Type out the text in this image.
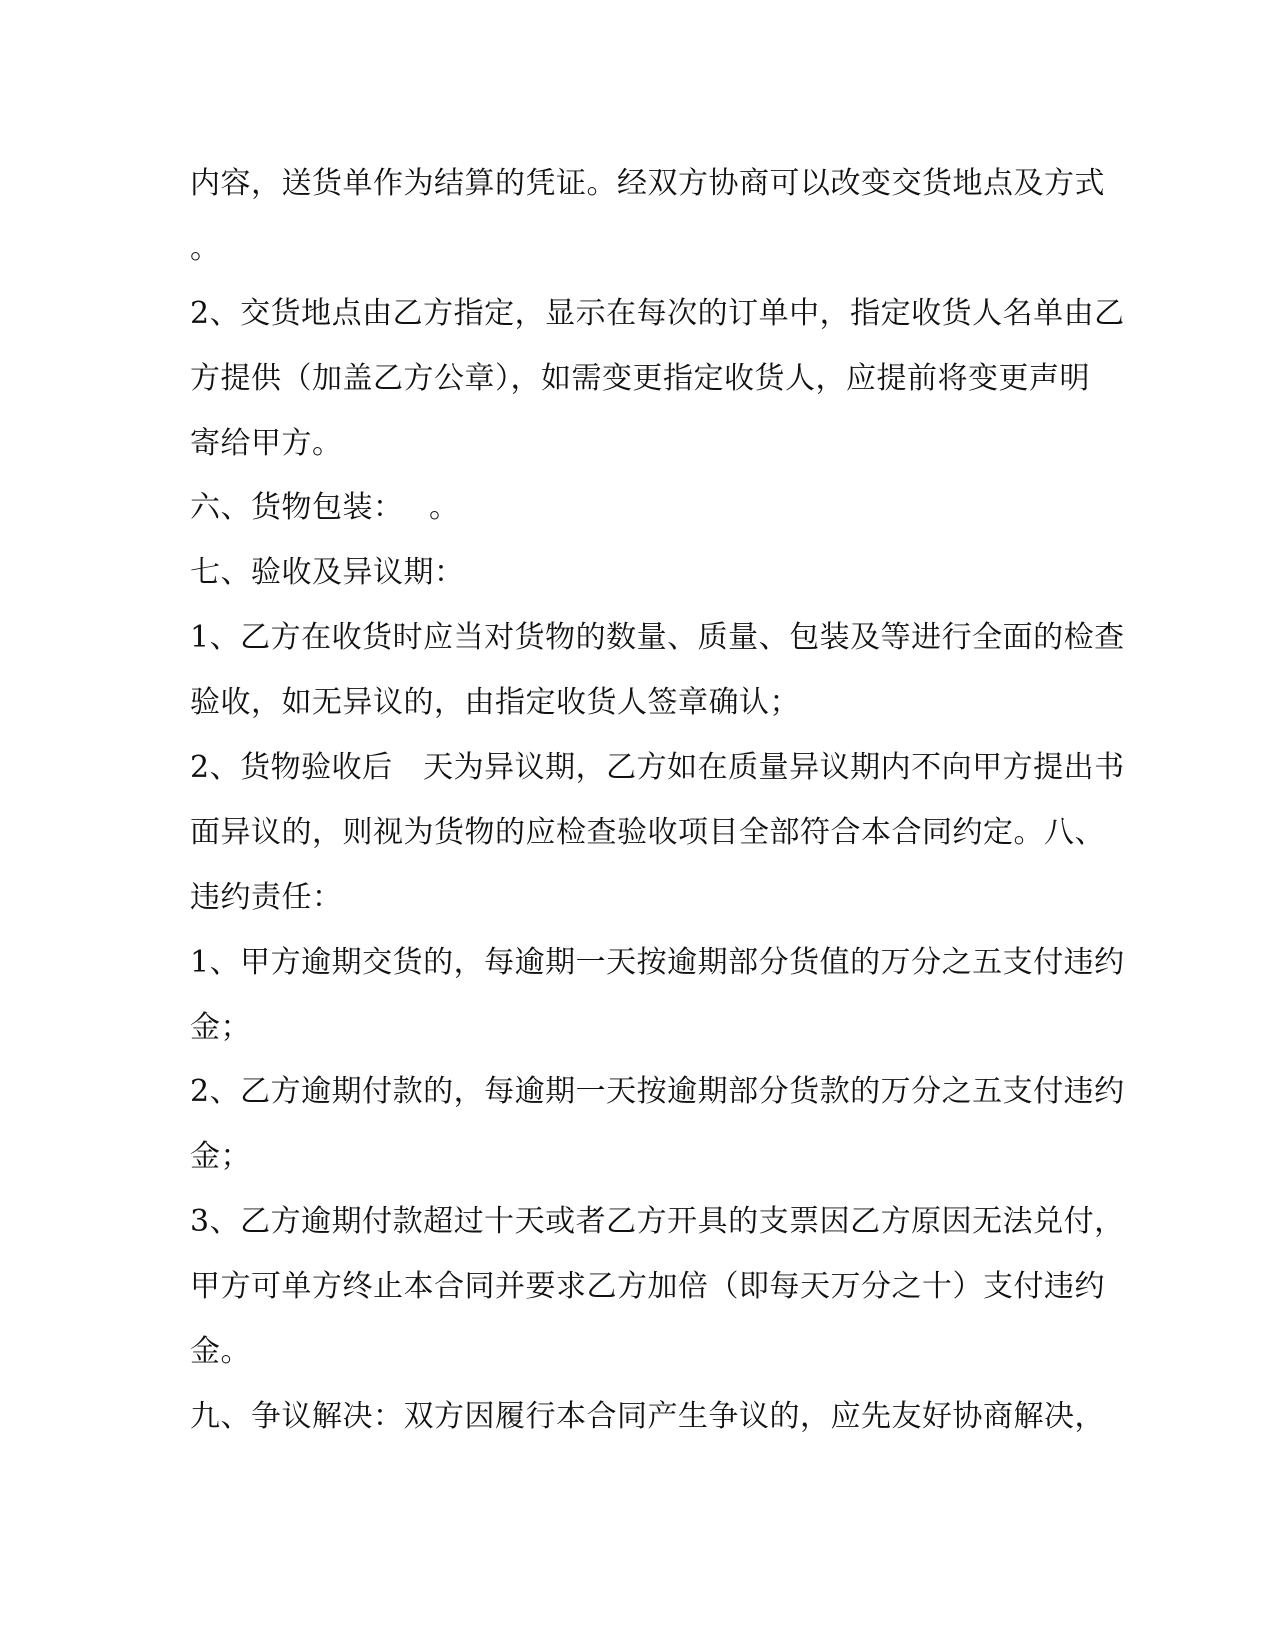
内容，送货单作为结算的凭证。经双方协商可以改变交货地点及方式
。
2、交货地点由乙方指定，显示在每次的订单中，指定收货人名单由乙
方提供（加盖乙方公章），如需变更指定收货人，应提前将变更声明
寄给甲方。
六、货物包装：　 。
七、验收及异议期：
1、乙方在收货时应当对货物的数量、质量、包装及等进行全面的检查
验收，如无异议的，由指定收货人签章确认；
2、货物验收后　天为异议期，乙方如在质量异议期内不向甲方提出书
面异议的，则视为货物的应检查验收项目全部符合本合同约定。八、
违约责任：
1、甲方逾期交货的，每逾期一天按逾期部分货值的万分之五支付违约
金；
2、乙方逾期付款的，每逾期一天按逾期部分货款的万分之五支付违约
金；
3、乙方逾期付款超过十天或者乙方开具的支票因乙方原因无法兑付，
甲方可单方终止本合同并要求乙方加倍（即每天万分之十）支付违约
金。
九、争议解决：双方因履行本合同产生争议的，应先友好协商解决，
